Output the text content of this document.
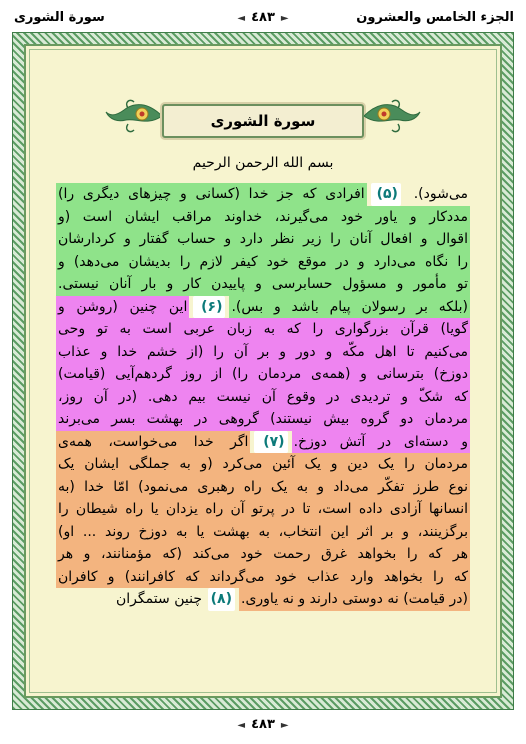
الجزء الخامس والعشرون
◄ ٤٨٣ ►
سورة الشورى
سورة الشورى
بسم الله الرحمن الرحيم
می‌شود).
(۵)
افرادی که جز خدا (کسانی و چیزهای دیگری را)
مددکار و یاور خود می‌گیرند، خداوند مراقب ایشان است (و
اقوال و افعال آنان را زیر نظر دارد و حساب گفتار و کردارشان
را نگاه می‌دارد و در موقع خود کیفر لازم را بدیشان می‌دهد) و
تو مأمور و مسؤول حسابرسی و پاییدن کار و بار آنان نیستی.
(بلکه بر رسولان پیام باشد و بس).
(۶)
این چنین (روشن و
گویا) قرآن بزرگواری را که به زبان عربی است به تو وحی
می‌کنیم تا اهل مکّه و دور و بر آن را (از خشم خدا و عذاب
دوزخ) بترسانی و (همه‌ی مردمان را) از روز گردهم‌آیی (قیامت)
که شکّ و تردیدی در وقوع آن نیست بیم دهی. (در آن روز،
مردمان دو گروه بیش نیستند) گروهی در بهشت بسر می‌برند
و دسته‌ای در آتش دوزخ.
(۷)
اگر خدا می‌خواست، همه‌ی
مردمان را یک دین و یک آئین می‌کرد (و به جملگی ایشان یک
نوع طرز تفکّر می‌داد و به یک راه رهبری می‌نمود) امّا خدا (به
انسانها آزادی داده است، تا در پرتو آن راه یزدان یا راه شیطان را
برگزینند، و بر اثر این انتخاب، به بهشت یا به دوزخ روند ... او)
هر که را بخواهد غرق رحمت خود می‌کند (که مؤمنانند، و هر
که را بخواهد وارد عذاب خود می‌گرداند که کافرانند) و کافران
(در قیامت) نه دوستی دارند و نه یاوری.
(۸)
چنین ستمگران
◄ ٤٨٣ ►
